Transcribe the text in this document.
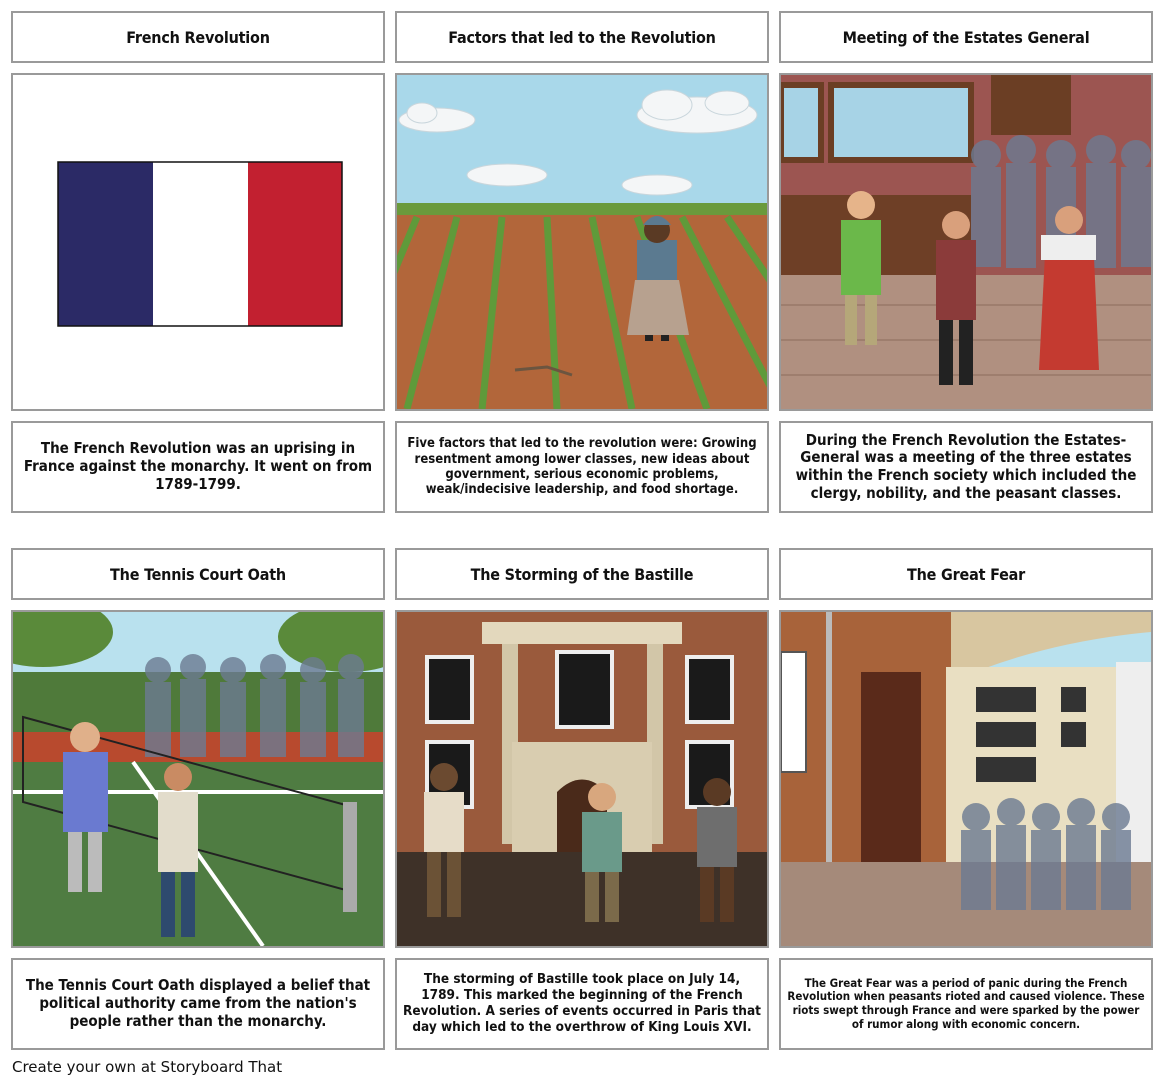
French Revolution	Factors that led to the Revolution	Meeting of the Estates General
The French Revolution was an uprising in France against the monarchy. It went on from 1789-1799.
Five factors that led to the revolution were: Growing resentment among lower classes, new ideas about government, serious economic problems, weak/indecisive leadership, and food shortage.
During the French Revolution the Estates-General was a meeting of the three estates within the French society which included the clergy, nobility, and the peasant classes.
The Tennis Court Oath	The Storming of the Bastille	The Great Fear
The Tennis Court Oath displayed a belief that political authority came from the nation's people rather than the monarchy.
The storming of Bastille took place on July 14, 1789. This marked the beginning of the French Revolution. A series of events occurred in Paris that day which led to the overthrow of King Louis XVI.
The Great Fear was a period of panic during the French Revolution when peasants rioted and caused violence. These riots swept through France and were sparked by the power of rumor along with economic concern.
Create your own at Storyboard That
